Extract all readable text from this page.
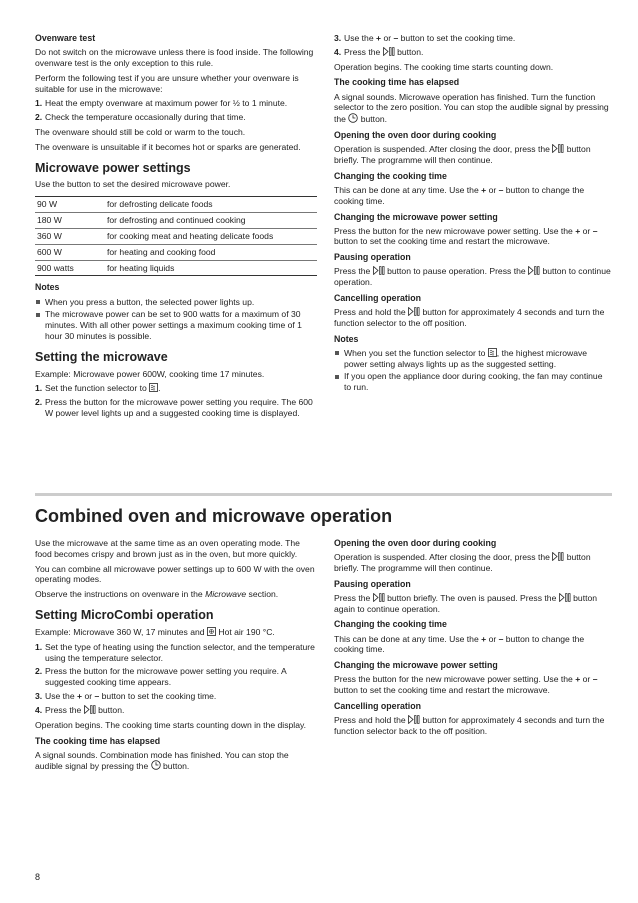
Ovenware test

Do not switch on the microwave unless there is food inside. The following ovenware test is the only exception to this rule.

Perform the following test if you are unsure whether your ovenware is suitable for use in the microwave:

1. Heat the empty ovenware at maximum power for ½ to 1 minute.
2. Check the temperature occasionally during that time.

The ovenware should still be cold or warm to the touch.

The ovenware is unsuitable if it becomes hot or sparks are generated.

Microwave power settings

Use the button to set the desired microwave power.

90 W	for defrosting delicate foods
180 W	for defrosting and continued cooking
360 W	for cooking meat and heating delicate foods
600 W	for heating and cooking food
900 watts	for heating liquids
Notes
When you press a button, the selected power lights up.
The microwave power can be set to 900 watts for a maximum of 30 minutes. With all other power settings a maximum cooking time of 1 hour 30 minutes is possible.
Setting the microwave

Example: Microwave power 600W, cooking time 17 minutes.

1. Set the function selector to .
2. Press the button for the microwave power setting you require. The 600 W power level lights up and a suggested cooking time is displayed.
3. Use the + or – button to set the cooking time.
4. Press the button.

Operation begins. The cooking time starts counting down.

The cooking time has elapsed

A signal sounds. Microwave operation has finished. Turn the function selector to the zero position. You can stop the audible signal by pressing the button.

Opening the oven door during cooking

Operation is suspended. After closing the door, press the button briefly. The programme will then continue.

Changing the cooking time

This can be done at any time. Use the + or – button to change the cooking time.

Changing the microwave power setting

Press the button for the new microwave power setting. Use the + or – button to set the cooking time and restart the microwave.

Pausing operation

Press the button to pause operation. Press the button to continue operation.

Cancelling operation

Press and hold the button for approximately 4 seconds and turn the function selector to the off position.

Notes
When you set the function selector to , the highest microwave power setting always lights up as the suggested setting.
If you open the appliance door during cooking, the fan may continue to run.
Combined oven and microwave operation

Use the microwave at the same time as an oven operating mode. The food becomes crispy and brown just as in the oven, but more quickly.

You can combine all microwave power settings up to 600 W with the oven operating modes.

Observe the instructions on ovenware in the Microwave section.

Setting MicroCombi operation

Example: Microwave 360 W, 17 minutes and Hot air 190 °C.

1. Set the type of heating using the function selector, and the temperature using the temperature selector.
2. Press the button for the microwave power setting you require. A suggested cooking time appears.
3. Use the + or – button to set the cooking time.
4. Press the button.

Operation begins. The cooking time starts counting down in the display.

The cooking time has elapsed

A signal sounds. Combination mode has finished. You can stop the audible signal by pressing the button.

Opening the oven door during cooking

Operation is suspended. After closing the door, press the button briefly. The programme will then continue.

Pausing operation

Press the button briefly. The oven is paused. Press the button again to continue operation.

Changing the cooking time

This can be done at any time. Use the + or – button to change the cooking time.

Changing the microwave power setting

Press the button for the new microwave power setting. Use the + or – button to set the cooking time and restart the microwave.

Cancelling operation

Press and hold the button for approximately 4 seconds and turn the function selector back to the off position.

8
